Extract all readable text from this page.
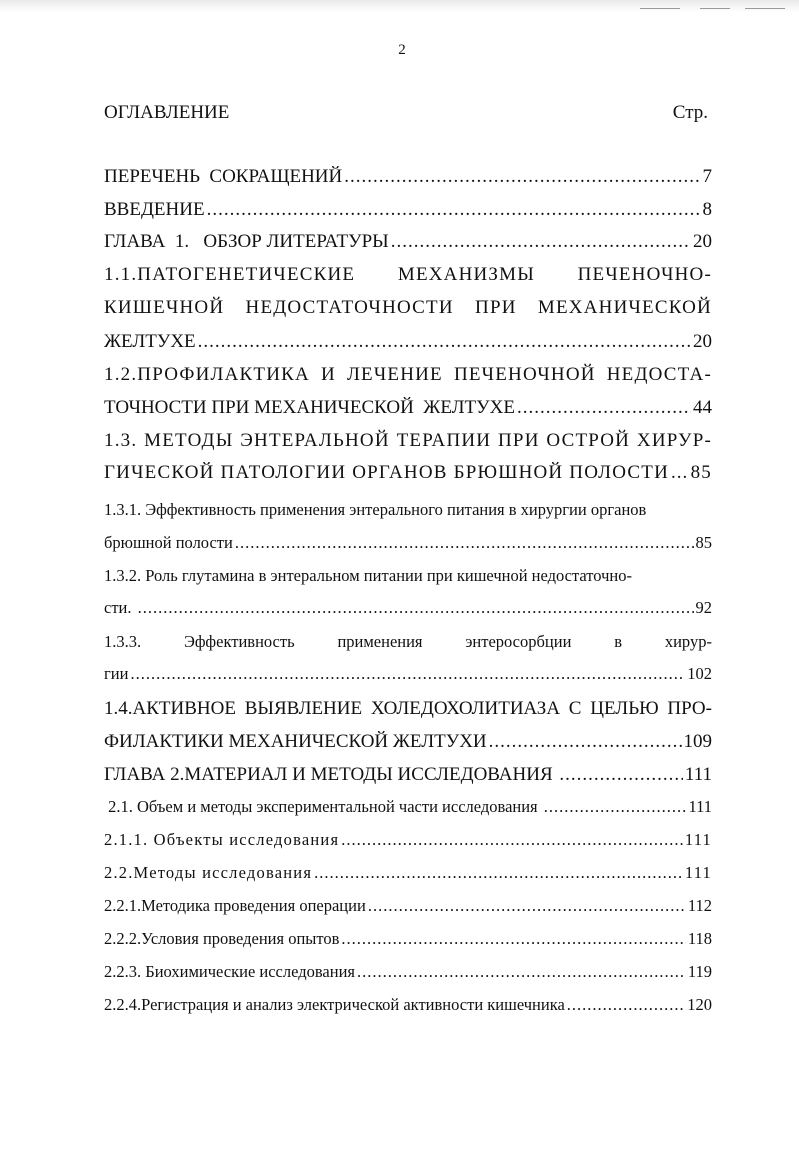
2
ОГЛАВЛЕНИЕ	Стр.
ПЕРЕЧЕНЬ СОКРАЩЕНИЙ .....	7
ВВЕДЕНИЕ .....	8
ГЛАВА  1.   ОБЗОР ЛИТЕРАТУРЫ .....	20
1.1.ПАТОГЕНЕТИЧЕСКИЕ МЕХАНИЗМЫ ПЕЧЕНОЧНО-
КИШЕЧНОЙ НЕДОСТАТОЧНОСТИ ПРИ МЕХАНИЧЕСКОЙ
ЖЕЛТУХЕ .....	20
1.2.ПРОФИЛАКТИКА И ЛЕЧЕНИЕ ПЕЧЕНОЧНОЙ НЕДОСТА-
ТОЧНОСТИ ПРИ МЕХАНИЧЕСКОЙ  ЖЕЛТУХЕ .....	44
1.3. МЕТОДЫ ЭНТЕРАЛЬНОЙ ТЕРАПИИ ПРИ ОСТРОЙ ХИРУР-
ГИЧЕСКОЙ ПАТОЛОГИИ ОРГАНОВ БРЮШНОЙ ПОЛОСТИ ..... 85
1.3.1. Эффективность применения энтерального питания в хирургии органов
брюшной полости .....	85
1.3.2. Роль глутамина в энтеральном питании при кишечной недостаточно-
сти. .....	92
1.3.3.	Эффективность	применения	энтеросорбции	в	хирур-
гии .....	102
1.4.АКТИВНОЕ ВЫЯВЛЕНИЕ ХОЛЕДОХОЛИТИАЗА С ЦЕЛЬЮ ПРО-
ФИЛАКТИКИ МЕХАНИЧЕСКОЙ ЖЕЛТУХИ .....	109
ГЛАВА 2.МАТЕРИАЛ И МЕТОДЫ ИССЛЕДОВАНИЯ .....	111
2.1. Объем и методы экспериментальной части исследования .....	111
2.1.1. Объекты исследования .....	111
2.2.Методы исследования .....	111
2.2.1.Методика проведения операции .....	112
2.2.2.Условия проведения опытов .....	118
2.2.3. Биохимические исследования .....	119
2.2.4.Регистрация и анализ электрической активности кишечника .....	120
